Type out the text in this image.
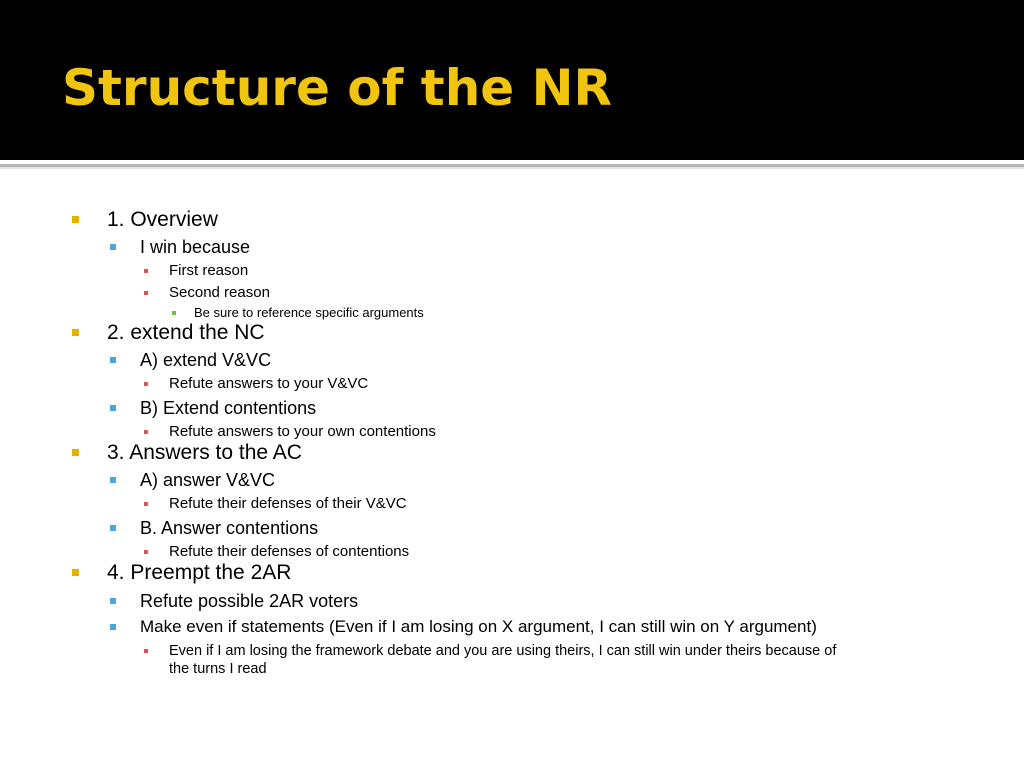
Structure of the NR
1. Overview
I win because
First reason
Second reason
Be sure to reference specific arguments
2. extend the NC
A) extend V&VC
Refute answers to your V&VC
B) Extend contentions
Refute answers to your own contentions
3. Answers to the AC
A) answer V&VC
Refute their defenses of their V&VC
B. Answer contentions
Refute their defenses of contentions
4. Preempt the 2AR
Refute possible 2AR voters
Make even if statements (Even if I am losing on X argument, I can still win on Y argument)
Even if I am losing the framework debate and you are using theirs, I can still win under theirs because of
the turns I read
